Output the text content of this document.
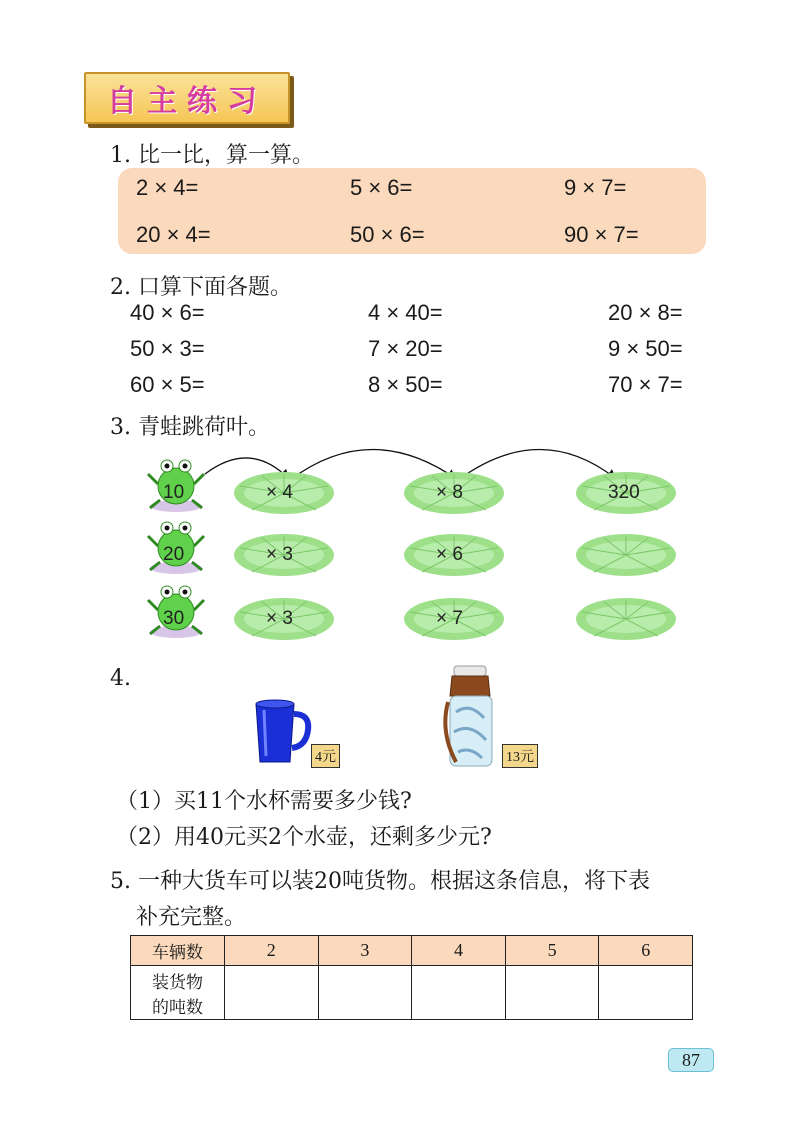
自主练习
1. 比一比，算一算。
2 × 4=	5 × 6=	9 × 7=
20 × 4=	50 × 6=	90 × 7=
2. 口算下面各题。
40 × 6=	4 × 40=	20 × 8=
50 × 3=	7 × 20=	9 × 50=
60 × 5=	8 × 50=	70 × 7=
3. 青蛙跳荷叶。
10
20
30
× 4	× 8	320
× 3	× 6
× 3	× 7
4.
4元	13元
（1）买11个水杯需要多少钱?
（2）用40元买2个水壶，还剩多少元?
5. 一种大货车可以装20吨货物。根据这条信息，将下表
补充完整。
车辆数	2	3	4	5	6

装货物
的吨数					

87
